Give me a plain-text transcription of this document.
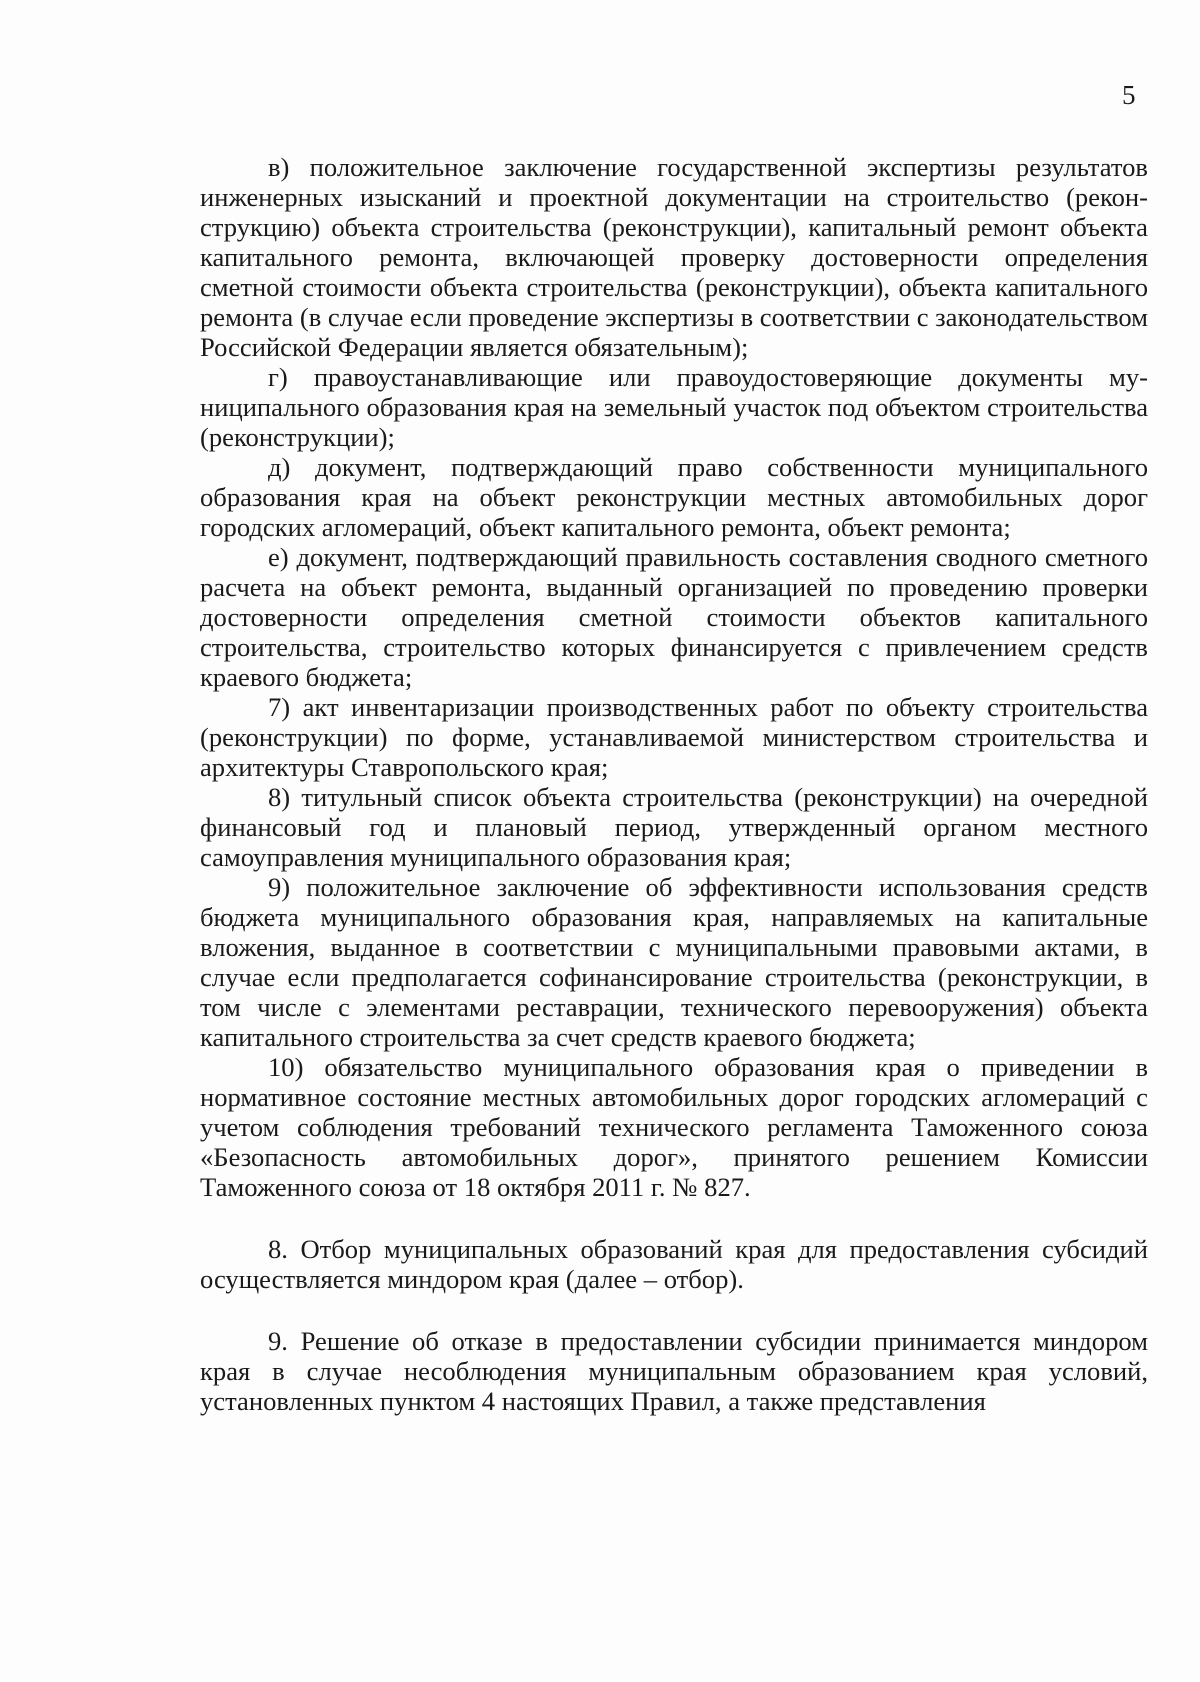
5

в) положительное заключение государственной экспертизы результатов инженерных изысканий и проектной документации на строительство (реконструкцию) объекта строительства (реконструкции), капитальный ремонт объекта капитального ремонта, включающей проверку достоверности определения сметной стоимости объекта строительства (реконструкции), объекта капитального ремонта (в случае если проведение экспертизы в соответствии с законодательством Российской Федерации является обязательным);

г) правоустанавливающие или правоудостоверяющие документы муниципального образования края на земельный участок под объектом строительства (реконструкции);

д) документ, подтверждающий право собственности муниципального образования края на объект реконструкции местных автомобильных дорог городских агломераций, объект капитального ремонта, объект ремонта;

е) документ, подтверждающий правильность составления сводного сметного расчета на объект ремонта, выданный организацией по проведению проверки достоверности определения сметной стоимости объектов капитального строительства, строительство которых финансируется с привлечением средств краевого бюджета;

7) акт инвентаризации производственных работ по объекту строительства (реконструкции) по форме, устанавливаемой министерством строительства и архитектуры Ставропольского края;

8) титульный список объекта строительства (реконструкции) на очередной финансовый год и плановый период, утвержденный органом местного самоуправления муниципального образования края;

9) положительное заключение об эффективности использования средств бюджета муниципального образования края, направляемых на капитальные вложения, выданное в соответствии с муниципальными правовыми актами, в случае если предполагается софинансирование строительства (реконструкции, в том числе с элементами реставрации, технического перевооружения) объекта капитального строительства за счет средств краевого бюджета;

10) обязательство муниципального образования края о приведении в нормативное состояние местных автомобильных дорог городских агломераций с учетом соблюдения требований технического регламента Таможенного союза «Безопасность автомобильных дорог», принятого решением Комиссии Таможенного союза от 18 октября 2011 г. № 827.

8. Отбор муниципальных образований края для предоставления субсидий осуществляется миндором края (далее – отбор).

9. Решение об отказе в предоставлении субсидии принимается миндором края в случае несоблюдения муниципальным образованием края условий, установленных пунктом 4 настоящих Правил, а также представления
